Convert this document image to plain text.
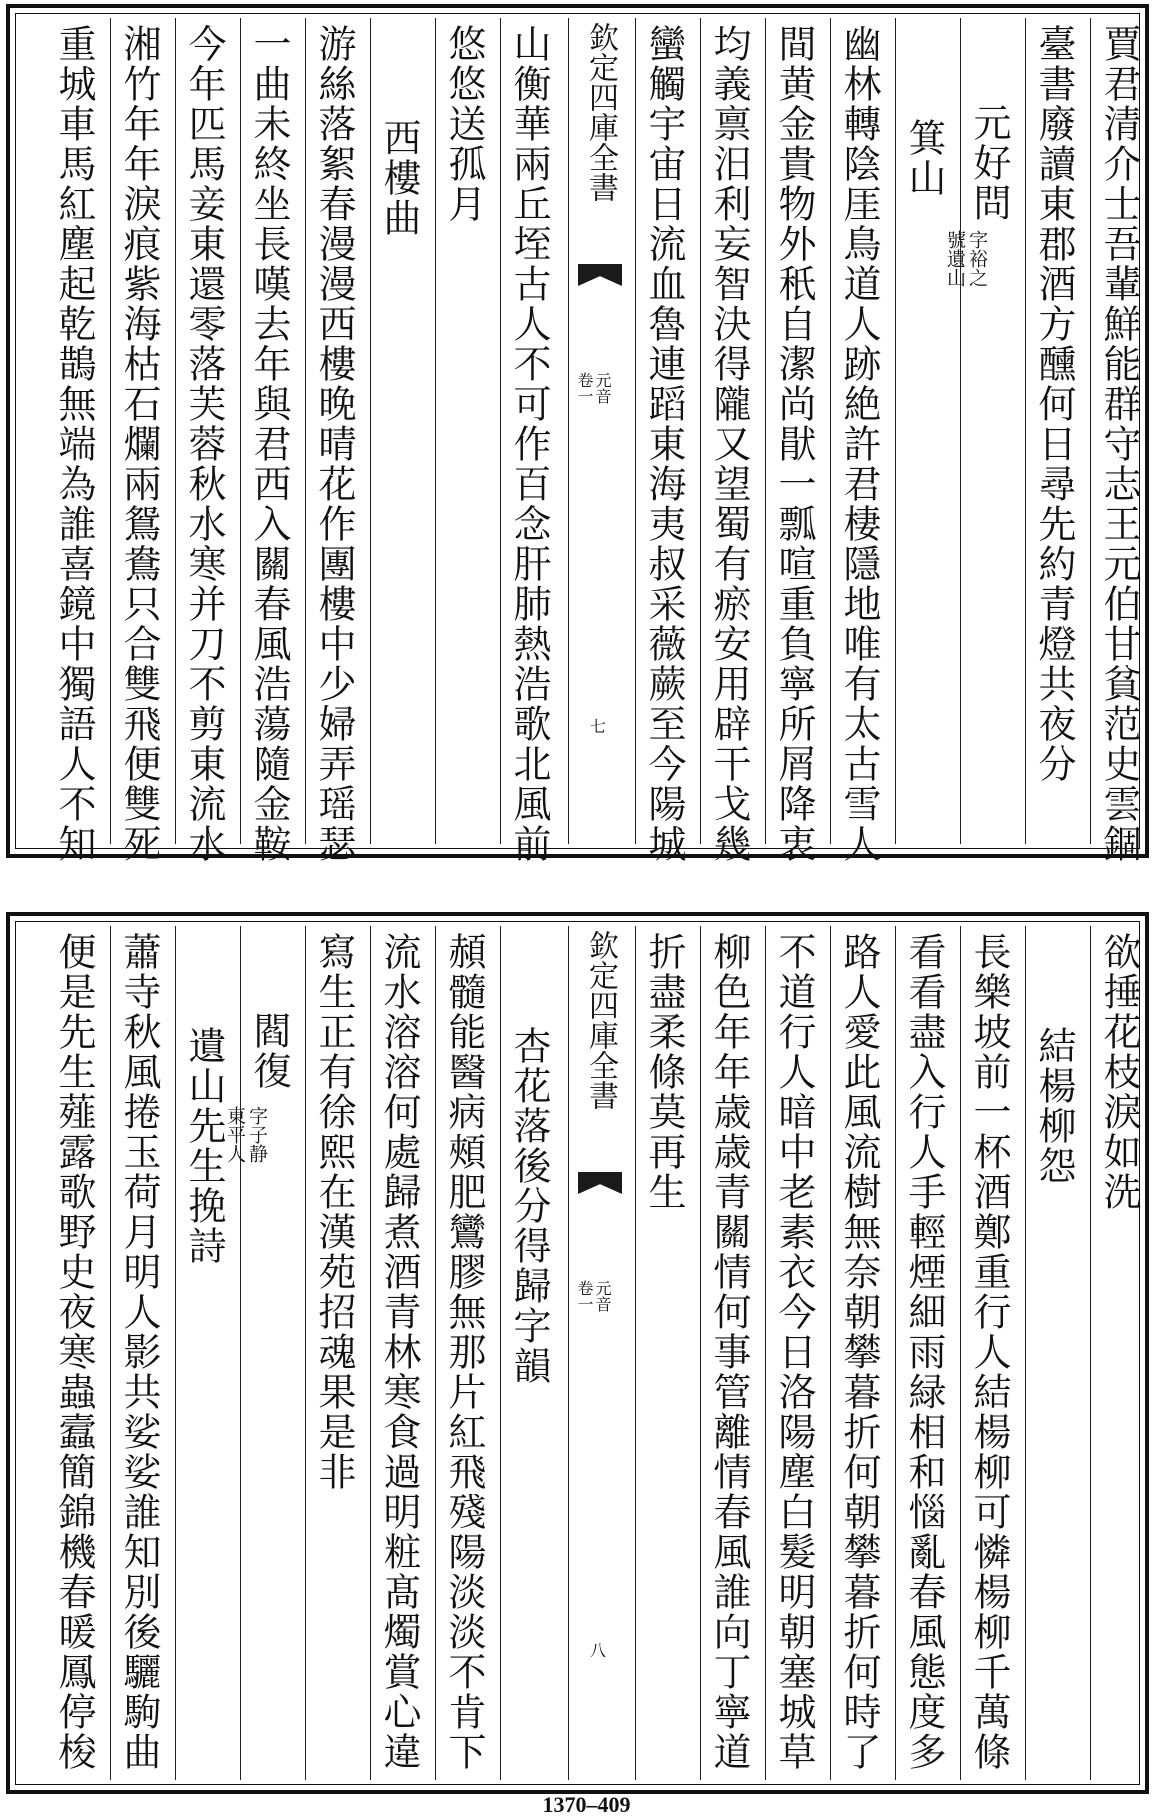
賈君清介士吾輩鮮能群守志王元伯甘貧范史雲錮
臺書廢讀東郡酒方醺何日尋先約青燈共夜分
元好問
字裕之
號遺山
箕山
幽林轉陰厓鳥道人跡絶許君棲隱地唯有太古雪人
間黄金貴物外秖自潔尚猒一瓢喧重負寧所屑降衷
均義禀汨利妄智決得隴又望蜀有瘀安用辟干戈幾
蠻觸宇宙日流血魯連蹈東海夷叔采薇蕨至今陽城
欽定四庫全書
元音
卷一
七
山衡華兩丘垤古人不可作百念肝肺熱浩歌北風前
悠悠送孤月
西樓曲
游絲落絮春漫漫西樓晚晴花作團樓中少婦弄瑶瑟
一曲未終坐長嘆去年與君西入關春風浩蕩隨金鞍
今年匹馬妾東還零落芙蓉秋水寒并刀不剪東流水
湘竹年年淚痕紫海枯石爛兩鴛鴦只合雙飛便雙死
重城車馬紅塵起乾鵲無端為誰喜鏡中獨語人不知
欲捶花枝淚如洗
結楊柳怨
長樂坡前一杯酒鄭重行人結楊柳可憐楊柳千萬條
看看盡入行人手輕煙細雨緑相和惱亂春風態度多
路人愛此風流樹無奈朝攀暮折何朝攀暮折何時了
不道行人暗中老素衣今日洛陽塵白髮明朝塞城草
柳色年年歳歳青關情何事管離情春風誰向丁寧道
折盡柔條莫再生
欽定四庫全書
元音
卷一
八
杏花落後分得歸字韻
頳髓能醫病頰肥鸞膠無那片紅飛殘陽淡淡不肯下
流水溶溶何處歸煮酒青林寒食過明粧髙燭賞心違
寫生正有徐熙在漢苑招魂果是非
閻復
字子静
東平人
遺山先生挽詩
蕭寺秋風捲玉荷月明人影共娑娑誰知別後驪駒曲
便是先生薤露歌野史夜寒蟲蠧簡錦機春暖鳳停梭
1370–409
